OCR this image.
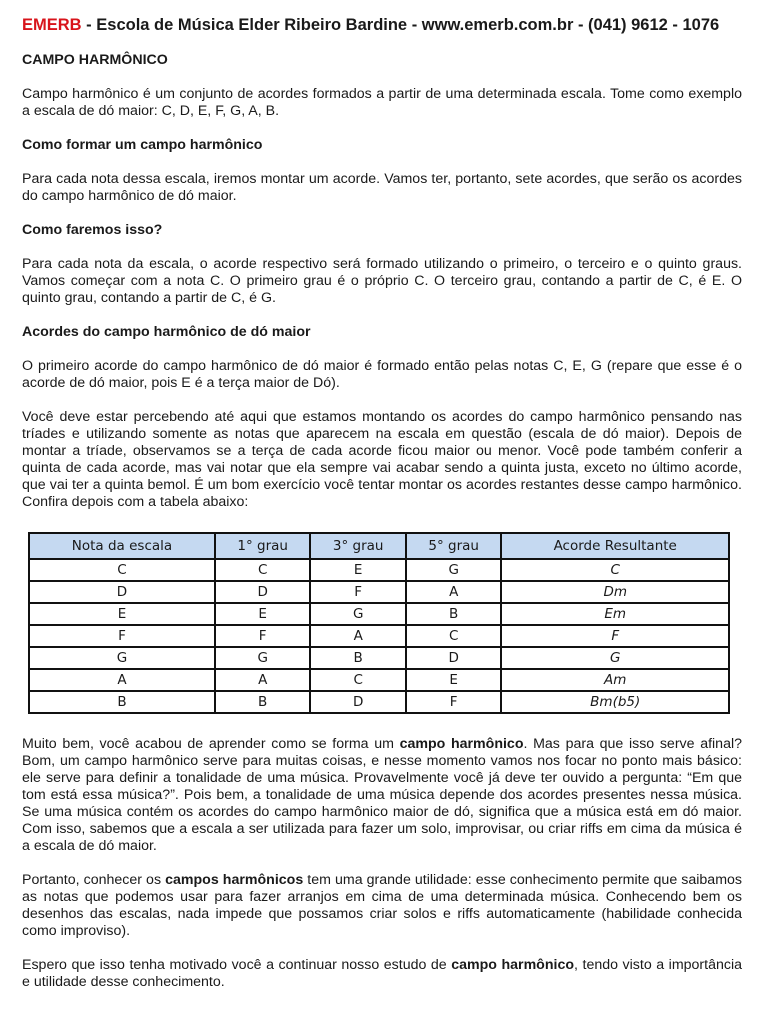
EMERB - Escola de Música Elder Ribeiro Bardine - www.emerb.com.br - (041) 9612 - 1076
CAMPO HARMÔNICO

Campo harmônico é um conjunto de acordes formados a partir de uma determinada escala. Tome como exemplo a escala de dó maior: C, D, E, F, G, A, B.

Como formar um campo harmônico

Para cada nota dessa escala, iremos montar um acorde. Vamos ter, portanto, sete acordes, que serão os acordes do campo harmônico de dó maior.

Como faremos isso?

Para cada nota da escala, o acorde respectivo será formado utilizando o primeiro, o terceiro e o quinto graus. Vamos começar com a nota C. O primeiro grau é o próprio C. O terceiro grau, contando a partir de C, é E. O quinto grau, contando a partir de C, é G.

Acordes do campo harmônico de dó maior

O primeiro acorde do campo harmônico de dó maior é formado então pelas notas C, E, G (repare que esse é o acorde de dó maior, pois E é a terça maior de Dó).

Você deve estar percebendo até aqui que estamos montando os acordes do campo harmônico pensando nas tríades e utilizando somente as notas que aparecem na escala em questão (escala de dó maior). Depois de montar a tríade, observamos se a terça de cada acorde ficou maior ou menor. Você pode também conferir a quinta de cada acorde, mas vai notar que ela sempre vai acabar sendo a quinta justa, exceto no último acorde, que vai ter a quinta bemol. É um bom exercício você tentar montar os acordes restantes desse campo harmônico. Confira depois com a tabela abaixo:

Nota da escala	1° grau	3° grau	5° grau	Acorde Resultante
C	C	E	G	C
D	D	F	A	Dm
E	E	G	B	Em
F	F	A	C	F
G	G	B	D	G
A	A	C	E	Am
B	B	D	F	Bm(b5)

Muito bem, você acabou de aprender como se forma um campo harmônico. Mas para que isso serve afinal? Bom, um campo harmônico serve para muitas coisas, e nesse momento vamos nos focar no ponto mais básico: ele serve para definir a tonalidade de uma música. Provavelmente você já deve ter ouvido a pergunta: “Em que tom está essa música?”. Pois bem, a tonalidade de uma música depende dos acordes presentes nessa música. Se uma música contém os acordes do campo harmônico maior de dó, significa que a música está em dó maior. Com isso, sabemos que a escala a ser utilizada para fazer um solo, improvisar, ou criar riffs em cima da música é a escala de dó maior.

Portanto, conhecer os campos harmônicos tem uma grande utilidade: esse conhecimento permite que saibamos as notas que podemos usar para fazer arranjos em cima de uma determinada música. Conhecendo bem os desenhos das escalas, nada impede que possamos criar solos e riffs automaticamente (habilidade conhecida como improviso).

Espero que isso tenha motivado você a continuar nosso estudo de campo harmônico, tendo visto a importância e utilidade desse conhecimento.
